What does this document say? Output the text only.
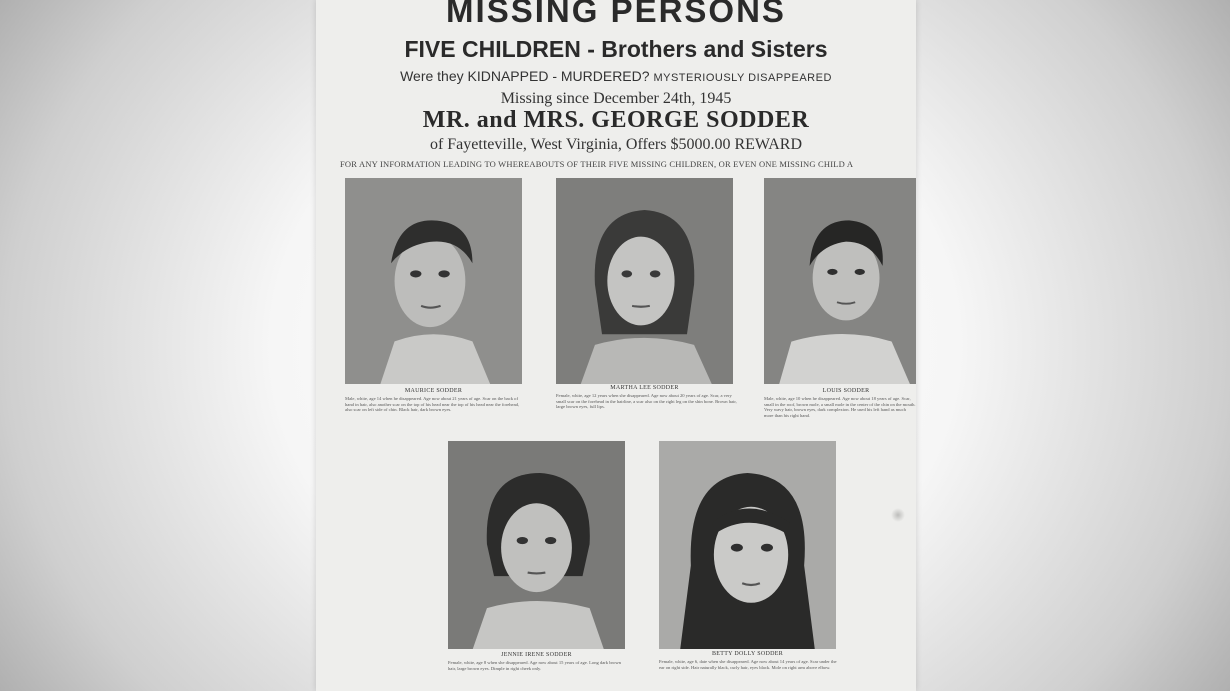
MISSING PERSONS
FIVE CHILDREN - Brothers and Sisters
Were they KIDNAPPED - MURDERED? MYSTERIOUSLY DISAPPEARED
Missing since December 24th, 1945
MR. and MRS. GEORGE SODDER
of Fayetteville, West Virginia, Offers $5000.00 REWARD
FOR ANY INFORMATION LEADING TO WHEREABOUTS OF THEIR FIVE MISSING CHILDREN, OR EVEN ONE MISSING CHILD A
MAURICE SODDER	MARTHA LEE SODDER	LOUIS SODDER
Male, white, age 14 when he disappeared. Age now about 21 years of age. Scar on the back of hand in hair, also another scar on the top of his head near the top of his head near the forehead, also scar on left side of chin. Black hair, dark brown eyes.
Female, white, age 12 years when she disappeared. Age now about 20 years of age. Scar, a very small scar on the forehead in the hairline, a scar also on the right leg on the shin bone. Brown hair, large brown eyes, full lips.
Male, white, age 10 when he disappeared. Age now about 18 years of age. Scar, small in the roof, brown mole, a small mole in the center of the chin on the mouth. Very wavy hair, brown eyes, dark complexion. He used his left hand as much more than his right hand.
JENNIE IRENE SODDER	BETTY DOLLY SODDER
Female, white, age 8 when she disappeared. Age now about 15 years of age. Long dark brown hair, large brown eyes. Dimple in right cheek only.
Female, white, age 6, date when she disappeared. Age now about 14 years of age. Scar under the ear on right side. Hair naturally black, curly hair, eyes black. Mole on right arm above elbow.
